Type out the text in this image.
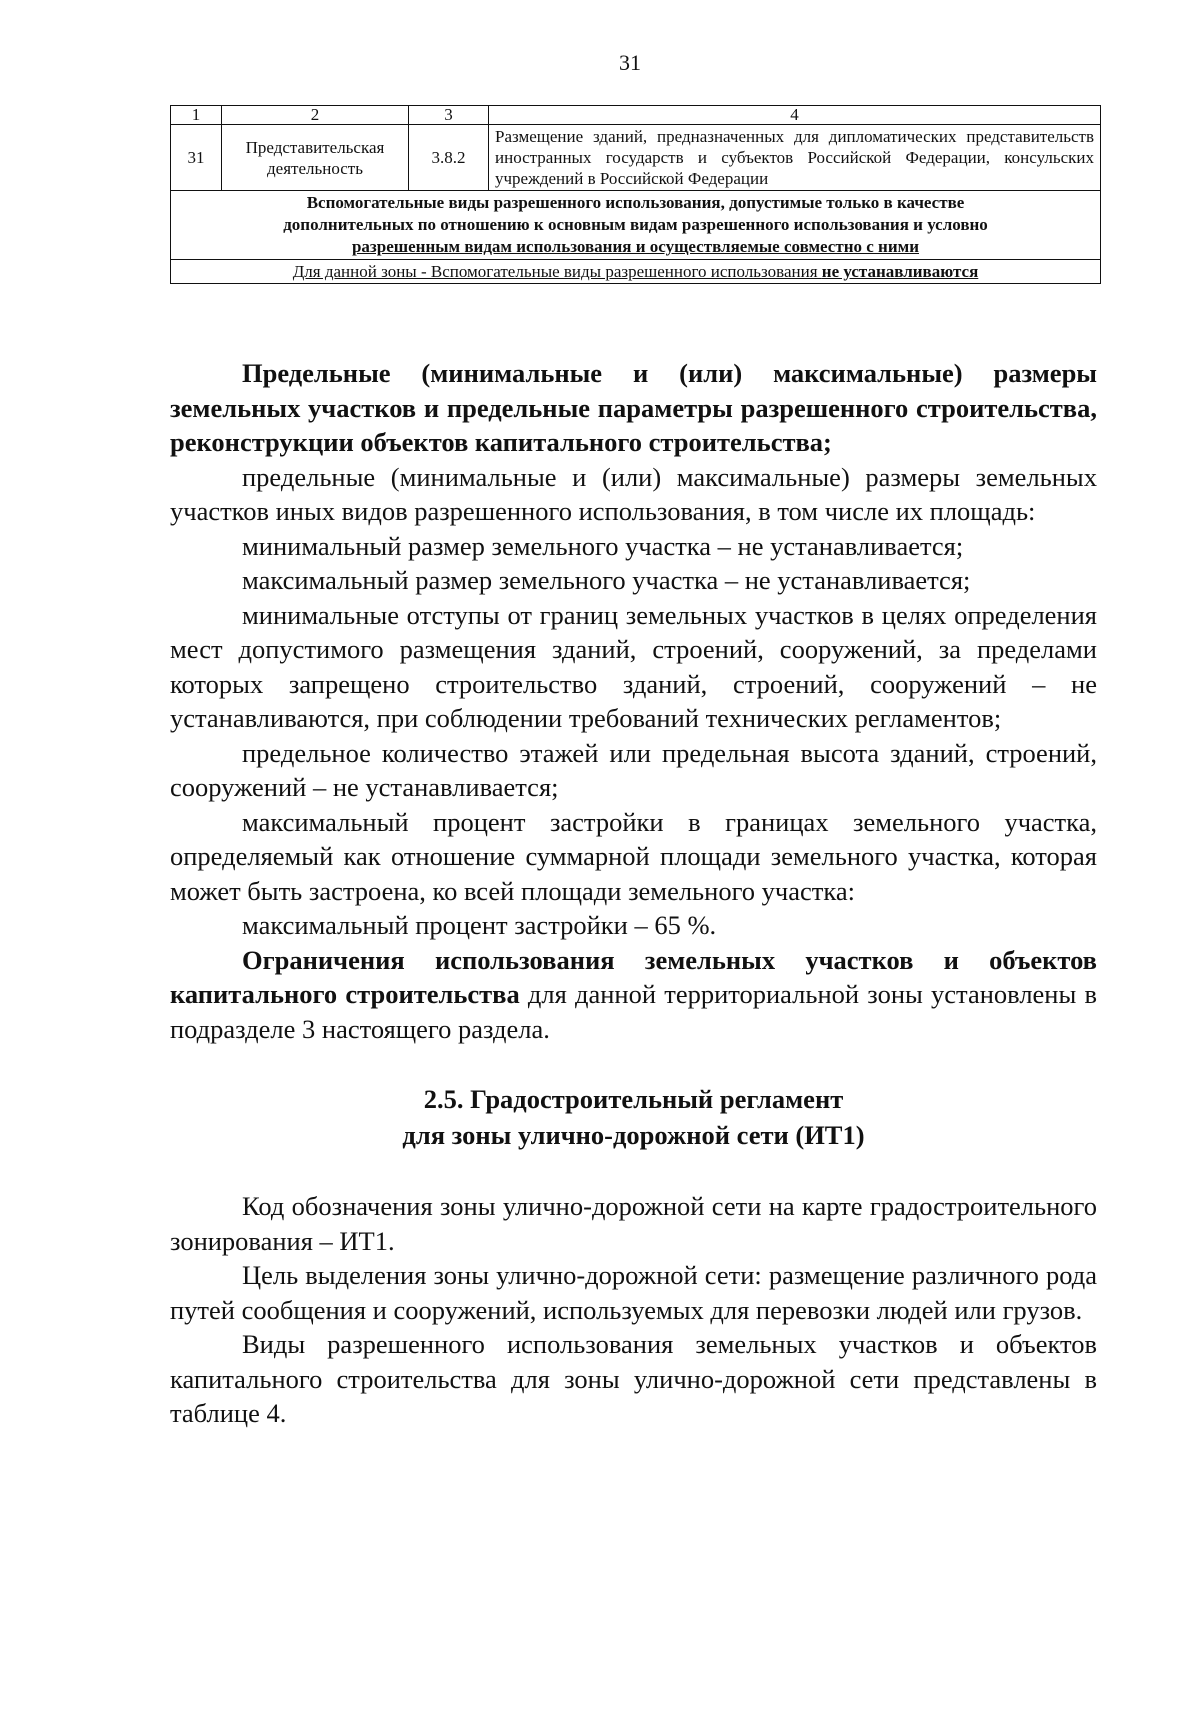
31
1	2	3	4
31	Представительская деятельность	3.8.2	Размещение зданий, предназначенных для дипломатических представительств иностранных государств и субъектов Российской Федерации, консульских учреждений в Российской Федерации

Вспомогательные виды разрешенного использования, допустимые только в качестве
дополнительных по отношению к основным видам разрешенного использования и условно
разрешенным видам использования и осуществляемые совместно с ними			

Для данной зоны - Вспомогательные виды разрешенного использования не устанавливаются			

Предельные (минимальные и (или) максимальные) размеры земельных участков и предельные параметры разрешенного строительства, реконструкции объектов капитального строительства;

предельные (минимальные и (или) максимальные) размеры земельных участков иных видов разрешенного использования, в том числе их площадь:

минимальный размер земельного участка – не устанавливается;

максимальный размер земельного участка – не устанавливается;

минимальные отступы от границ земельных участков в целях определения мест допустимого размещения зданий, строений, сооружений, за пределами которых запрещено строительство зданий, строений, сооружений – не устанавливаются, при соблюдении требований технических регламентов;

предельное количество этажей или предельная высота зданий, строений, сооружений – не устанавливается;

максимальный процент застройки в границах земельного участка, определяемый как отношение суммарной площади земельного участка, которая может быть застроена, ко всей площади земельного участка:

максимальный процент застройки – 65 %.

Ограничения использования земельных участков и объектов капитального строительства для данной территориальной зоны установлены в подразделе 3 настоящего раздела.

2.5. Градостроительный регламент
для зоны улично-дорожной сети (ИТ1)

Код обозначения зоны улично-дорожной сети на карте градостроительного зонирования – ИТ1.

Цель выделения зоны улично-дорожной сети: размещение различного рода путей сообщения и сооружений, используемых для перевозки людей или грузов.

Виды разрешенного использования земельных участков и объектов капитального строительства для зоны улично-дорожной сети представлены в таблице 4.
